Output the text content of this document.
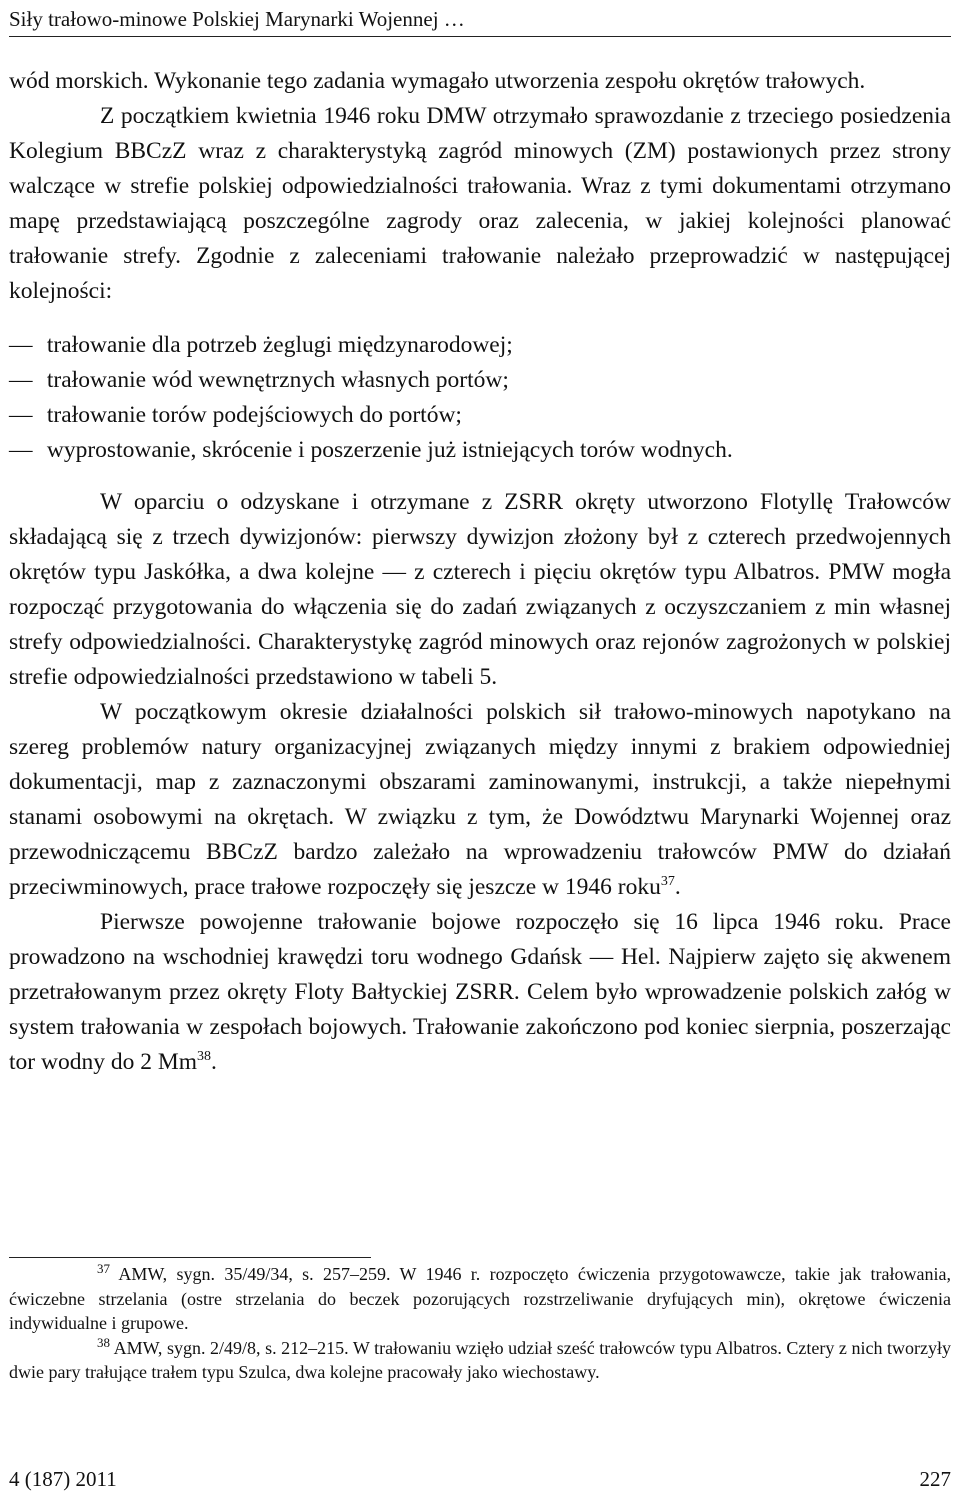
Siły trałowo-minowe Polskiej Marynarki Wojennej …

wód morskich. Wykonanie tego zadania wymagało utworzenia zespołu okrętów trałowych.

Z początkiem kwietnia 1946 roku DMW otrzymało sprawozdanie z trzeciego posiedzenia Kolegium BBCzZ wraz z charakterystyką zagród minowych (ZM) postawionych przez strony walczące w strefie polskiej odpowiedzialności trałowania. Wraz z tymi dokumentami otrzymano mapę przedstawiającą poszczególne zagrody oraz zalecenia, w jakiej kolejności planować trałowanie strefy. Zgodnie z zaleceniami trałowanie należało przeprowadzić w następującej kolejności:

— trałowanie dla potrzeb żeglugi międzynarodowej;
— trałowanie wód wewnętrznych własnych portów;
— trałowanie torów podejściowych do portów;
— wyprostowanie, skrócenie i poszerzenie już istniejących torów wodnych.

W oparciu o odzyskane i otrzymane z ZSRR okręty utworzono Flotyllę Trałowców składającą się z trzech dywizjonów: pierwszy dywizjon złożony był z czterech przedwojennych okrętów typu Jaskółka, a dwa kolejne — z czterech i pięciu okrętów typu Albatros. PMW mogła rozpocząć przygotowania do włączenia się do zadań związanych z oczyszczaniem z min własnej strefy odpowiedzialności. Charakterystykę zagród minowych oraz rejonów zagrożonych w polskiej strefie odpowiedzialności przedstawiono w tabeli 5.

W początkowym okresie działalności polskich sił trałowo-minowych napotykano na szereg problemów natury organizacyjnej związanych między innymi z brakiem odpowiedniej dokumentacji, map z zaznaczonymi obszarami zaminowanymi, instrukcji, a także niepełnymi stanami osobowymi na okrętach. W związku z tym, że Dowództwu Marynarki Wojennej oraz przewodniczącemu BBCzZ bardzo zależało na wprowadzeniu trałowców PMW do działań przeciwminowych, prace trałowe rozpoczęły się jeszcze w 1946 roku$^{37}$.

Pierwsze powojenne trałowanie bojowe rozpoczęło się 16 lipca 1946 roku. Prace prowadzono na wschodniej krawędzi toru wodnego Gdańsk — Hel. Najpierw zajęto się akwenem przetrałowanym przez okręty Floty Bałtyckiej ZSRR. Celem było wprowadzenie polskich załóg w system trałowania w zespołach bojowych. Trałowanie zakończono pod koniec sierpnia, poszerzając tor wodny do 2 Mm$^{38}$.

$^{37}$ AMW, sygn. 35/49/34, s. 257–259. W 1946 r. rozpoczęto ćwiczenia przygotowawcze, takie jak trałowania, ćwiczebne strzelania (ostre strzelania do beczek pozorujących rozstrzeliwanie dryfujących min), okrętowe ćwiczenia indywidualne i grupowe.

$^{38}$ AMW, sygn. 2/49/8, s. 212–215. W trałowaniu wzięło udział sześć trałowców typu Albatros. Cztery z nich tworzyły dwie pary trałujące trałem typu Szulca, dwa kolejne pracowały jako wiechostawy.

4 (187) 2011	227
